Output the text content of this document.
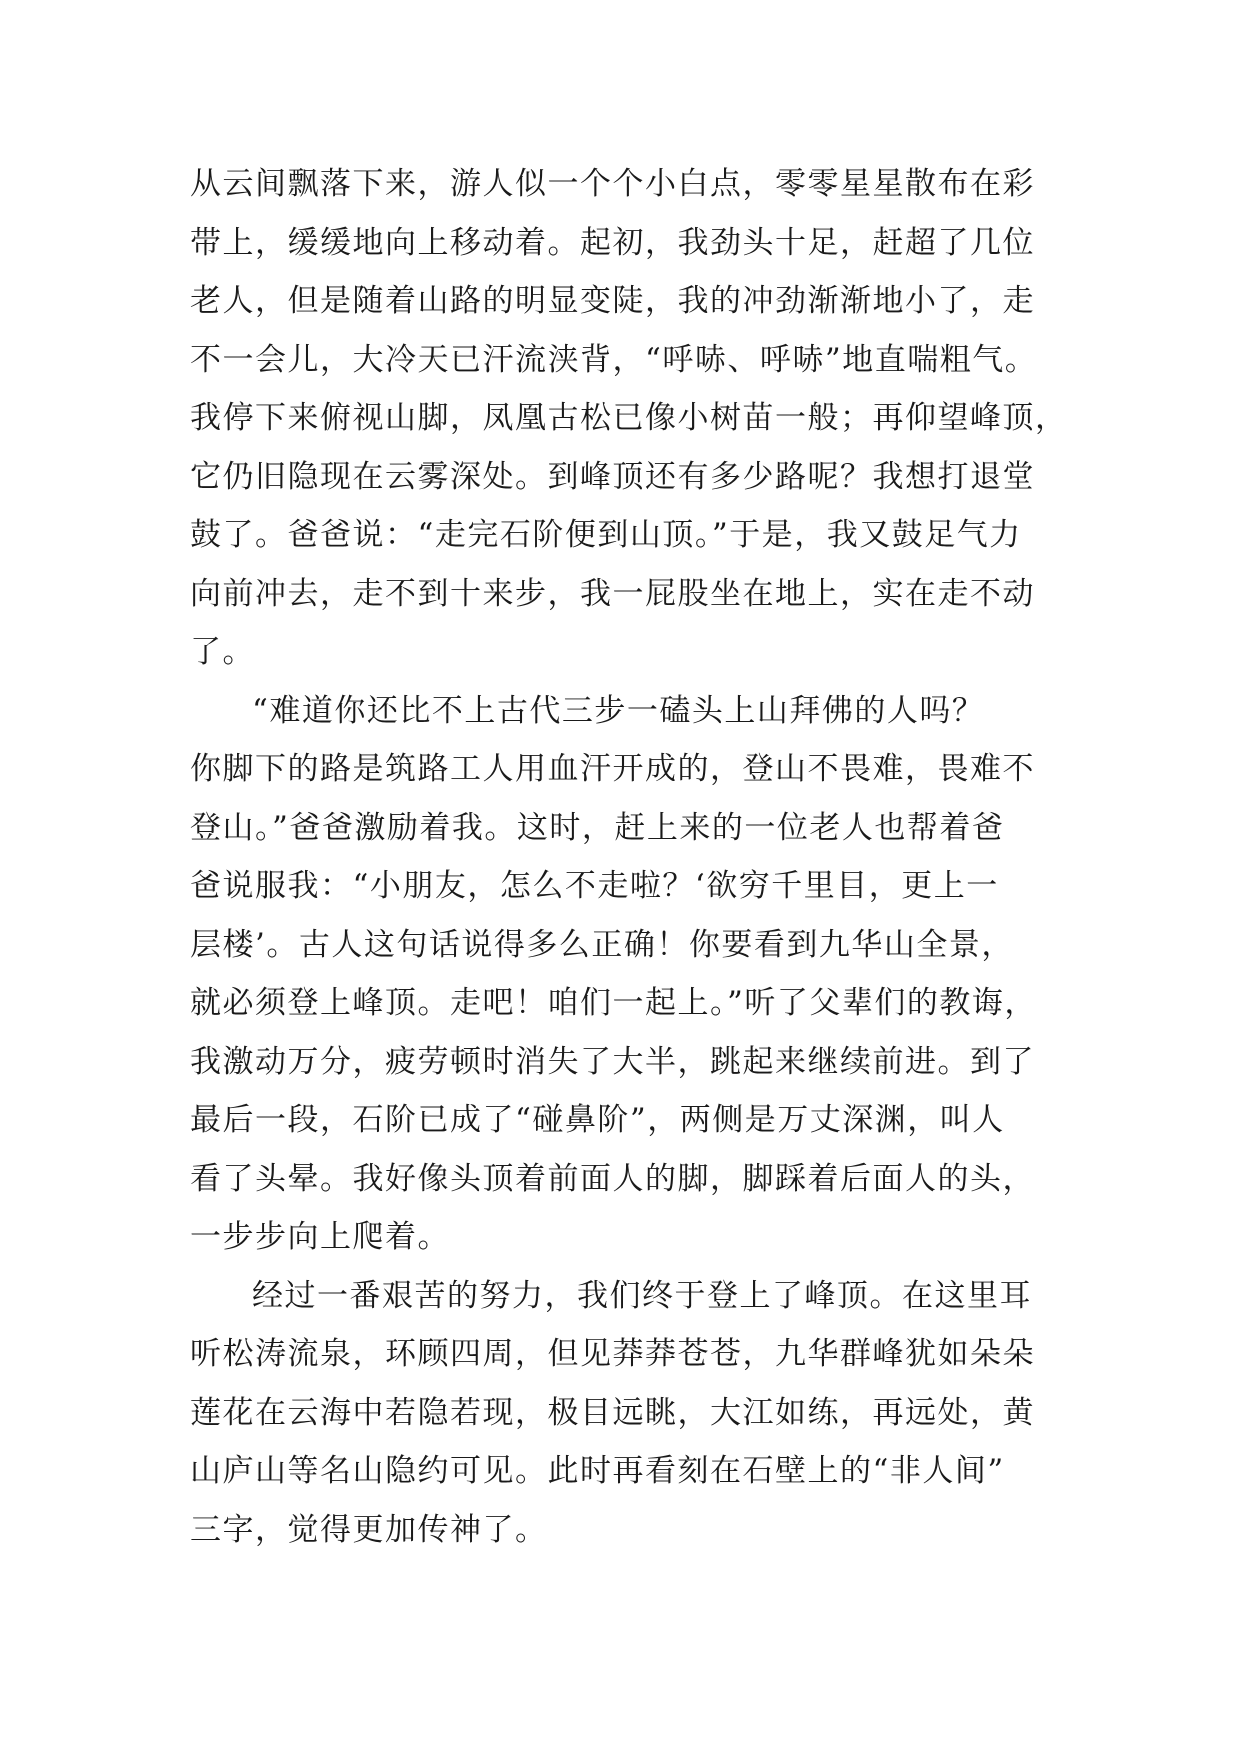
从云间飘落下来，游人似一个个小白点，零零星星散布在彩
带上，缓缓地向上移动着。起初，我劲头十足，赶超了几位
老人，但是随着山路的明显变陡，我的冲劲渐渐地小了，走
不一会儿，大冷天已汗流浃背，“呼哧、呼哧”地直喘粗气。
我停下来俯视山脚，凤凰古松已像小树苗一般；再仰望峰顶，
它仍旧隐现在云雾深处。到峰顶还有多少路呢？我想打退堂
鼓了。爸爸说：“走完石阶便到山顶。”于是，我又鼓足气力
向前冲去，走不到十来步，我一屁股坐在地上，实在走不动
了。
“难道你还比不上古代三步一磕头上山拜佛的人吗？
你脚下的路是筑路工人用血汗开成的，登山不畏难，畏难不
登山。”爸爸激励着我。这时，赶上来的一位老人也帮着爸
爸说服我：“小朋友，怎么不走啦？‘欲穷千里目，更上一
层楼’。古人这句话说得多么正确！你要看到九华山全景，
就必须登上峰顶。走吧！咱们一起上。”听了父辈们的教诲，
我激动万分，疲劳顿时消失了大半，跳起来继续前进。到了
最后一段，石阶已成了“碰鼻阶”，两侧是万丈深渊，叫人
看了头晕。我好像头顶着前面人的脚，脚踩着后面人的头，
一步步向上爬着。
经过一番艰苦的努力，我们终于登上了峰顶。在这里耳
听松涛流泉，环顾四周，但见莽莽苍苍，九华群峰犹如朵朵
莲花在云海中若隐若现，极目远眺，大江如练，再远处，黄
山庐山等名山隐约可见。此时再看刻在石壁上的“非人间”
三字，觉得更加传神了。
